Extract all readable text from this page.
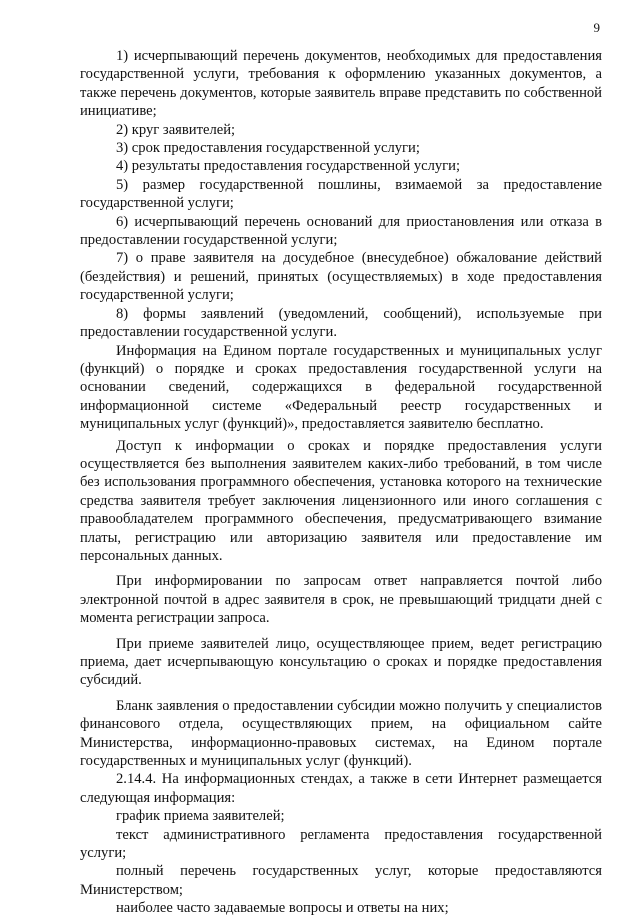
9

1) исчерпывающий перечень документов, необходимых для предоставления государственной услуги, требования к оформлению указанных документов, а также перечень документов, которые заявитель вправе представить по собственной инициативе;

2) круг заявителей;

3) срок предоставления государственной услуги;

4) результаты предоставления государственной услуги;

5) размер государственной пошлины, взимаемой за предоставление государственной услуги;

6) исчерпывающий перечень оснований для приостановления или отказа в предоставлении государственной услуги;

7) о праве заявителя на досудебное (внесудебное) обжалование действий (бездействия) и решений, принятых (осуществляемых) в ходе предоставления государственной услуги;

8) формы заявлений (уведомлений, сообщений), используемые при предоставлении государственной услуги.

Информация на Едином портале государственных и муниципальных услуг (функций) о порядке и сроках предоставления государственной услуги на основании сведений, содержащихся в федеральной государственной информационной системе «Федеральный реестр государственных и муниципальных услуг (функций)», предоставляется заявителю бесплатно.

Доступ к информации о сроках и порядке предоставления услуги осуществляется без выполнения заявителем каких-либо требований, в том числе без использования программного обеспечения, установка которого на технические средства заявителя требует заключения лицензионного или иного соглашения с правообладателем программного обеспечения, предусматривающего взимание платы, регистрацию или авторизацию заявителя или предоставление им персональных данных.

При информировании по запросам ответ направляется почтой либо электронной почтой в адрес заявителя в срок, не превышающий тридцати дней с момента регистрации запроса.

При приеме заявителей лицо, осуществляющее прием, ведет регистрацию приема, дает исчерпывающую консультацию о сроках и порядке предоставления субсидий.

Бланк заявления о предоставлении субсидии можно получить у специалистов финансового отдела, осуществляющих прием, на официальном сайте Министерства, информационно-правовых системах, на Едином портале государственных и муниципальных услуг (функций).

2.14.4. На информационных стендах, а также в сети Интернет размещается следующая информация:

график приема заявителей;

текст административного регламента предоставления государственной услуги;

полный перечень государственных услуг, которые предоставляются Министерством;

наиболее часто задаваемые вопросы и ответы на них;
